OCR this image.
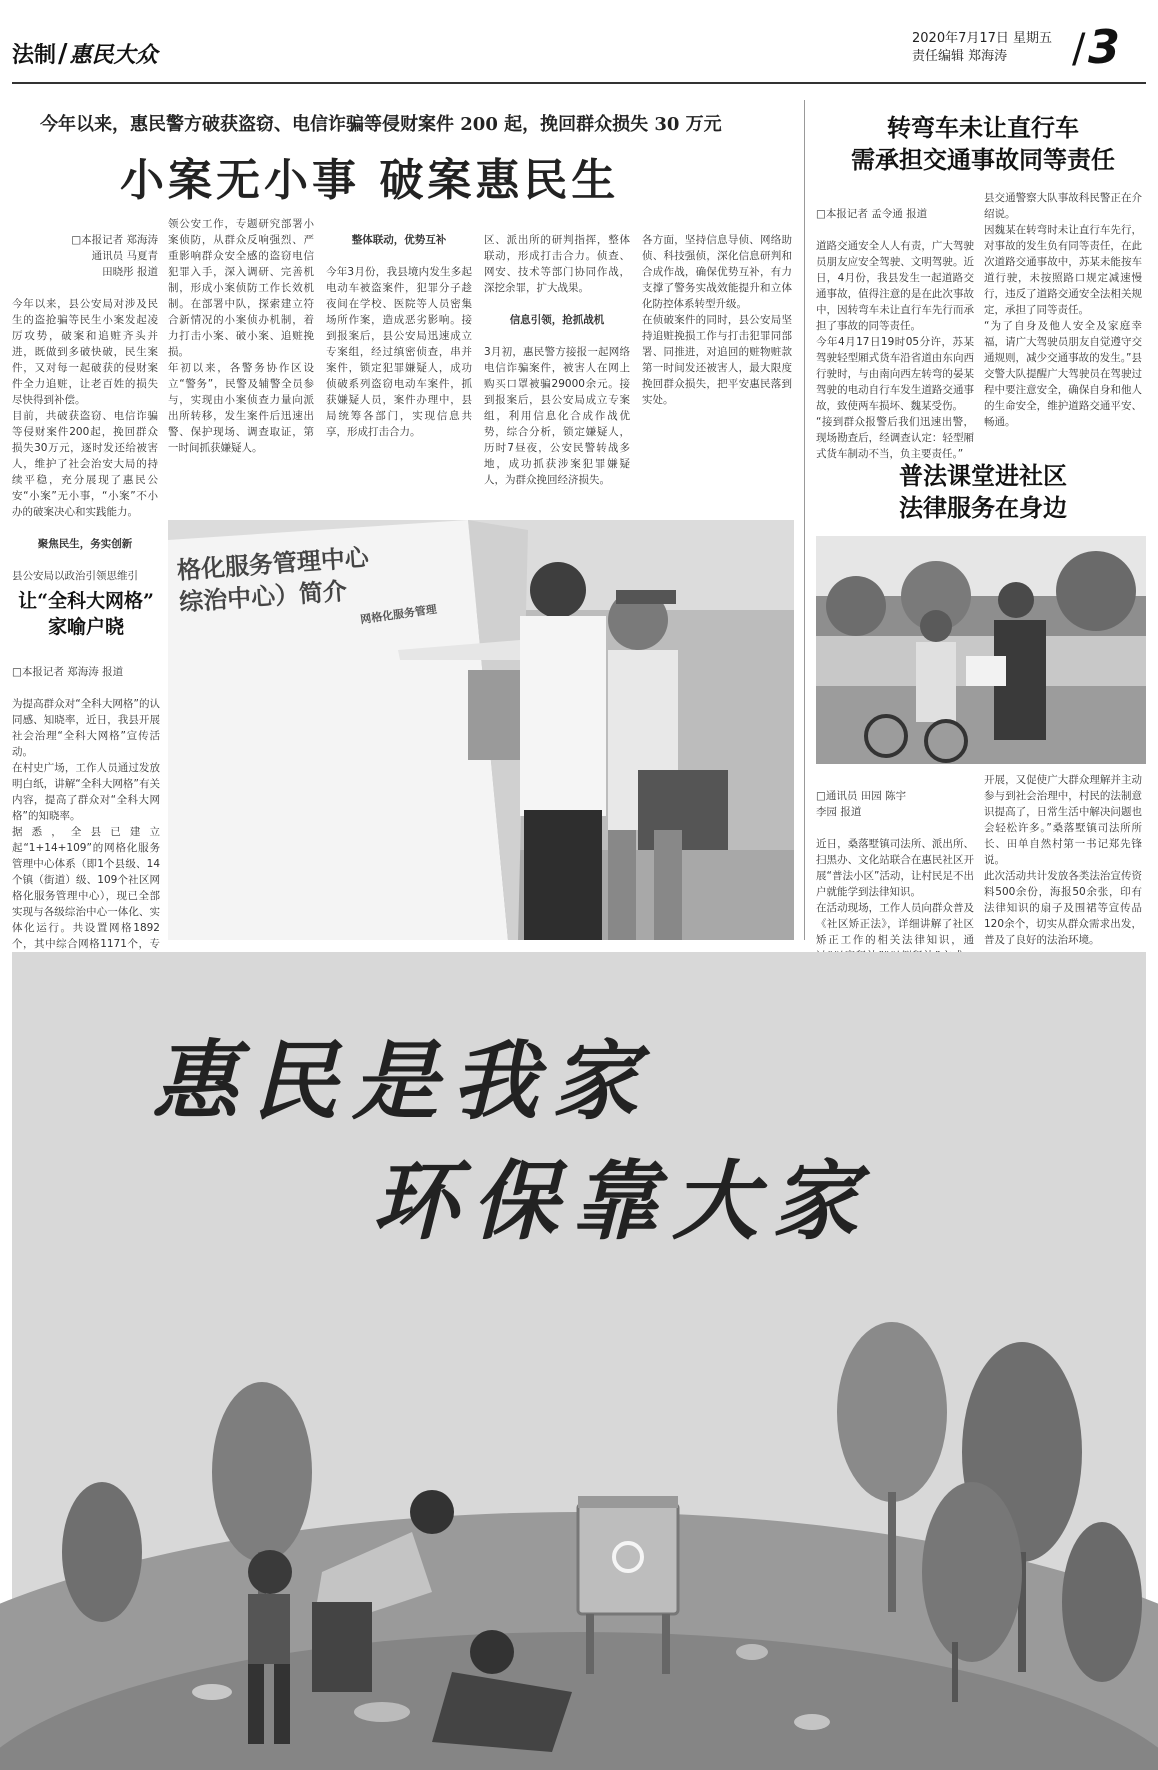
法制/惠民大众
2020年7月17日 星期五
责任编辑 郑海涛	/ 3
今年以来，惠民警方破获盗窃、电信诈骗等侵财案件 200 起，挽回群众损失 30 万元
小案无小事 破案惠民生

□本报记者 郑海涛
通讯员 马夏青
田晓彤 报道

今年以来，县公安局对涉及民生的盗抢骗等民生小案发起凌厉攻势，破案和追赃齐头并进，既做到多破快破，民生案件，又对每一起破获的侵财案件全力追赃，让老百姓的损失尽快得到补偿。
目前，共破获盗窃、电信诈骗等侵财案件200起，挽回群众损失30万元，逐时发还给被害人，维护了社会治安大局的持续平稳，充分展现了惠民公安“小案”无小事，“小案”不小办的破案决心和实践能力。

聚焦民生，务实创新

县公安局以政治引领思维引

领公安工作，专题研究部署小案侦防，从群众反响强烈、严重影响群众安全感的盗窃电信犯罪入手，深入调研、完善机制，形成小案侦防工作长效机制。在部署中队，探索建立符合新情况的小案侦办机制，着力打击小案、破小案、追赃挽损。
年初以来，各警务协作区设立“警务”，民警及辅警全员参与，实现由小案侦查力量向派出所转移，发生案件后迅速出警、保护现场、调查取证，第一时间抓获嫌疑人。

整体联动，优势互补

今年3月份，我县境内发生多起电动车被盗案件，犯罪分子趁夜间在学校、医院等人员密集场所作案，造成恶劣影响。接到报案后，县公安局迅速成立专案组，经过缜密侦查，串并案件，锁定犯罪嫌疑人，成功侦破系列盗窃电动车案件，抓获嫌疑人员，案件办理中，县局统筹各部门，实现信息共享，形成打击合力。

区、派出所的研判指挥，整体联动，形成打击合力。侦查、网安、技术等部门协同作战，深挖余罪，扩大战果。

信息引领，抢抓战机

3月初，惠民警方接报一起网络电信诈骗案件，被害人在网上购买口罩被骗29000余元。接到报案后，县公安局成立专案组，利用信息化合成作战优势，综合分析，锁定嫌疑人，历时7昼夜，公安民警转战多地，成功抓获涉案犯罪嫌疑人，为群众挽回经济损失。

各方面，坚持信息导侦、网络助侦、科技强侦，深化信息研判和合成作战，确保优势互补，有力支撑了警务实战效能提升和立体化防控体系转型升级。
在侦破案件的同时，县公安局坚持追赃挽损工作与打击犯罪同部署、同推进，对追回的赃物赃款第一时间发还被害人，最大限度挽回群众损失，把平安惠民落到实处。

转弯车未让直行车
需承担交通事故同等责任

□本报记者 孟令通 报道

道路交通安全人人有责，广大驾驶员朋友应安全驾驶、文明驾驶。近日，4月份，我县发生一起道路交通事故，值得注意的是在此次事故中，因转弯车未让直行车先行而承担了事故的同等责任。
今年4月17日19时05分许，苏某驾驶轻型厢式货车沿省道由东向西行驶时，与由南向西左转弯的晏某驾驶的电动自行车发生道路交通事故，致使两车损坏、魏某受伤。
“接到群众报警后我们迅速出警，现场勘查后，经调查认定：轻型厢式货车制动不当，负主要责任。”

县交通警察大队事故科民警正在介绍说。
因魏某在转弯时未让直行车先行，对事故的发生负有同等责任，在此次道路交通事故中，苏某未能按车道行驶，未按照路口规定减速慢行，违反了道路交通安全法相关规定，承担了同等责任。
“为了自身及他人安全及家庭幸福，请广大驾驶员朋友自觉遵守交通规则，减少交通事故的发生。”县交警大队提醒广大驾驶员在驾驶过程中要注意安全，确保自身和他人的生命安全，维护道路交通平安、畅通。
普法课堂进社区
法律服务在身边

□通讯员 田园 陈宇
李园 报道

近日，桑落墅镇司法所、派出所、扫黑办、文化站联合在惠民社区开展“普法小区”活动，让村民足不出户就能学到法律知识。
在活动现场，工作人员向群众普及《社区矫正法》，详细讲解了社区矫正工作的相关法律知识，通

开展，又促使广大群众理解并主动参与到社会治理中，村民的法制意识提高了，日常生活中解决问题也会轻松许多。”桑落墅镇司法所所长、田单自然村第一书记郑先锋说。
此次活动共计发放各类法治宣传资料500余份，海报50余张，印有法律知识的扇子及围裙等宣传品120余个，切实从群众需求出发，普及了良好的法治环境。
让“全科大网格”
家喻户晓

□本报记者 郑海涛 报道

为提高群众对“全科大网格”的认同感、知晓率，近日，我县开展社会治理“全科大网格”宣传活动。
在村史广场，工作人员通过发放明白纸，讲解“全科大网格”有关内容，提高了群众对“全科大网格”的知晓率。
据悉，全县已建立起“1+14+109”的网格化服务管理中心体系（即1个县级、14个镇（街道）级、109个社区网格化服务管理中心），现已全部实现与各级综治中心一体化、实体化运行。共设置网格1892个，其中综合网格1171个，专

格化服务管理中心
综治中心）简介	网格化服务管理
惠民是我家
环保靠大家
